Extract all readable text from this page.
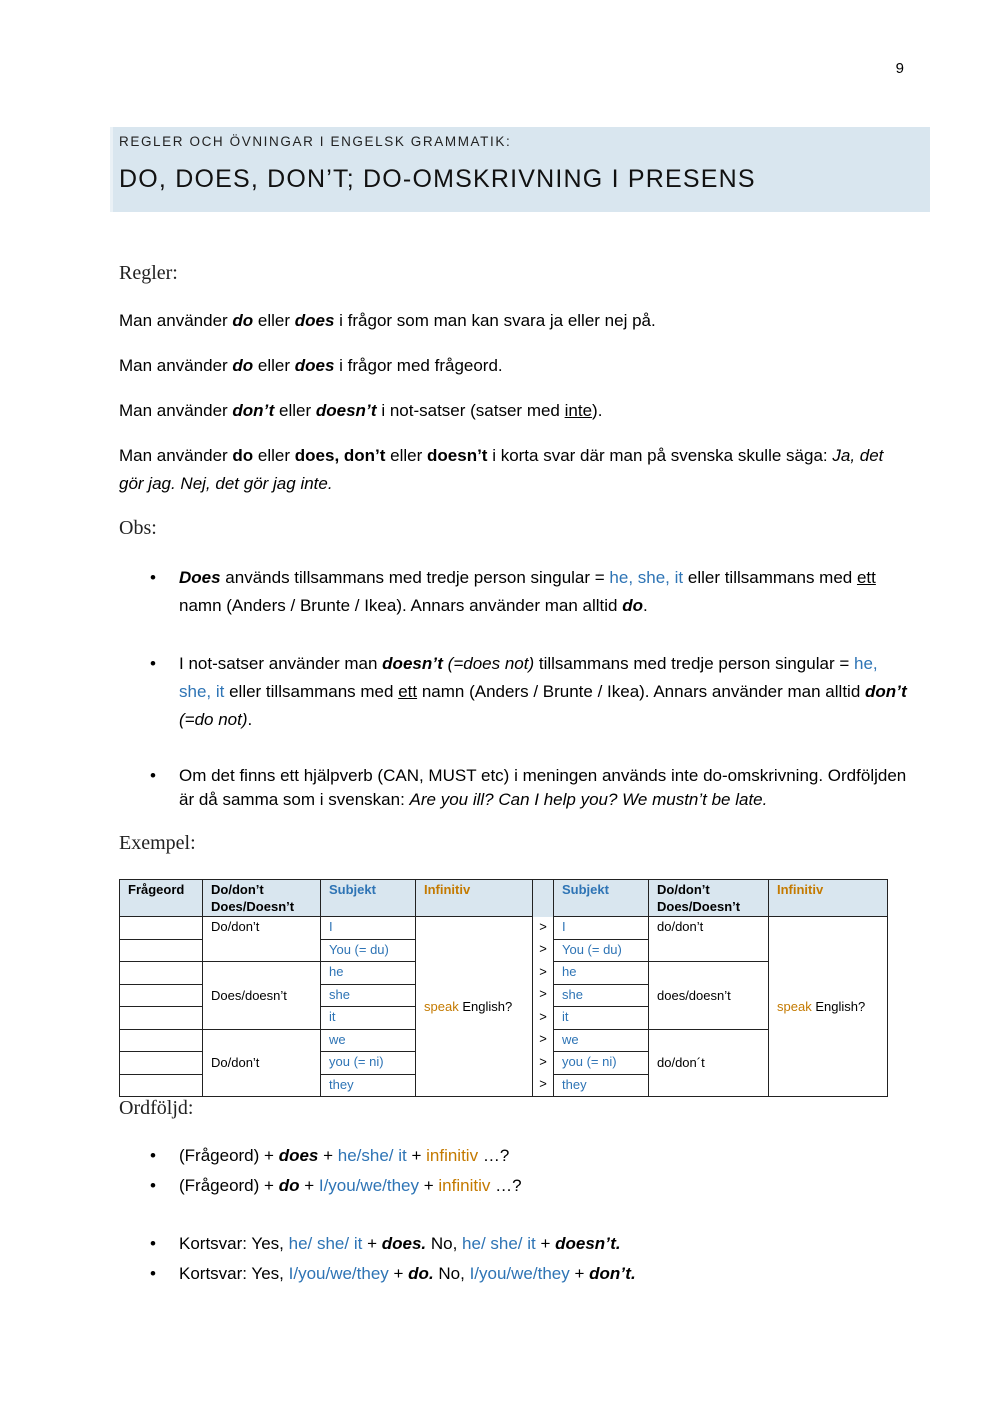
9
REGLER OCH ÖVNINGAR I ENGELSK GRAMMATIK:
DO, DOES, DON’T; DO-OMSKRIVNING I PRESENS
Regler:
Man använder do eller does i frågor som man kan svara ja eller nej på.
Man använder do eller does i frågor med frågeord.
Man använder don’t eller doesn’t i not-satser (satser med inte).
Man använder do eller does, don’t eller doesn’t i korta svar där man på svenska skulle säga: Ja, det gör jag. Nej, det gör jag inte.
Obs:
• Does används tillsammans med tredje person singular = he, she, it eller tillsammans med ett namn (Anders / Brunte / Ikea). Annars använder man alltid do.
• I not-satser använder man doesn’t (=does not) tillsammans med tredje person singular = he, she, it eller tillsammans med ett namn (Anders / Brunte / Ikea). Annars använder man alltid don’t (=do not).
• Om det finns ett hjälpverb (CAN, MUST etc) i meningen används inte do-omskrivning. Ordföljden är då samma som i svenskan: Are you ill? Can I help you? We mustn’t be late.
Exempel:
Frågeord	Do/don’t Does/Doesn’t	Subjekt	Infinitiv		Subjekt	Do/don’t Does/Doesn’t	Infinitiv
	Do/don’t	I	speak English?	>	I	do/don’t	speak English?
		You (= du)		>	You (= du)		
	Does/doesn’t	he		>	he	does/doesn’t	
		she		>	she		
		it		>	it		
	Do/don’t	we		>	we	do/don´t	
		you (= ni)		>	you (= ni)		
		they		>	they		
Ordföljd:
• (Frågeord) + does + he/she/ it + infinitiv …?
• (Frågeord) + do + I/you/we/they + infinitiv …?
• Kortsvar: Yes, he/ she/ it + does. No, he/ she/ it + doesn’t.
• Kortsvar: Yes, I/you/we/they + do. No, I/you/we/they + don’t.
